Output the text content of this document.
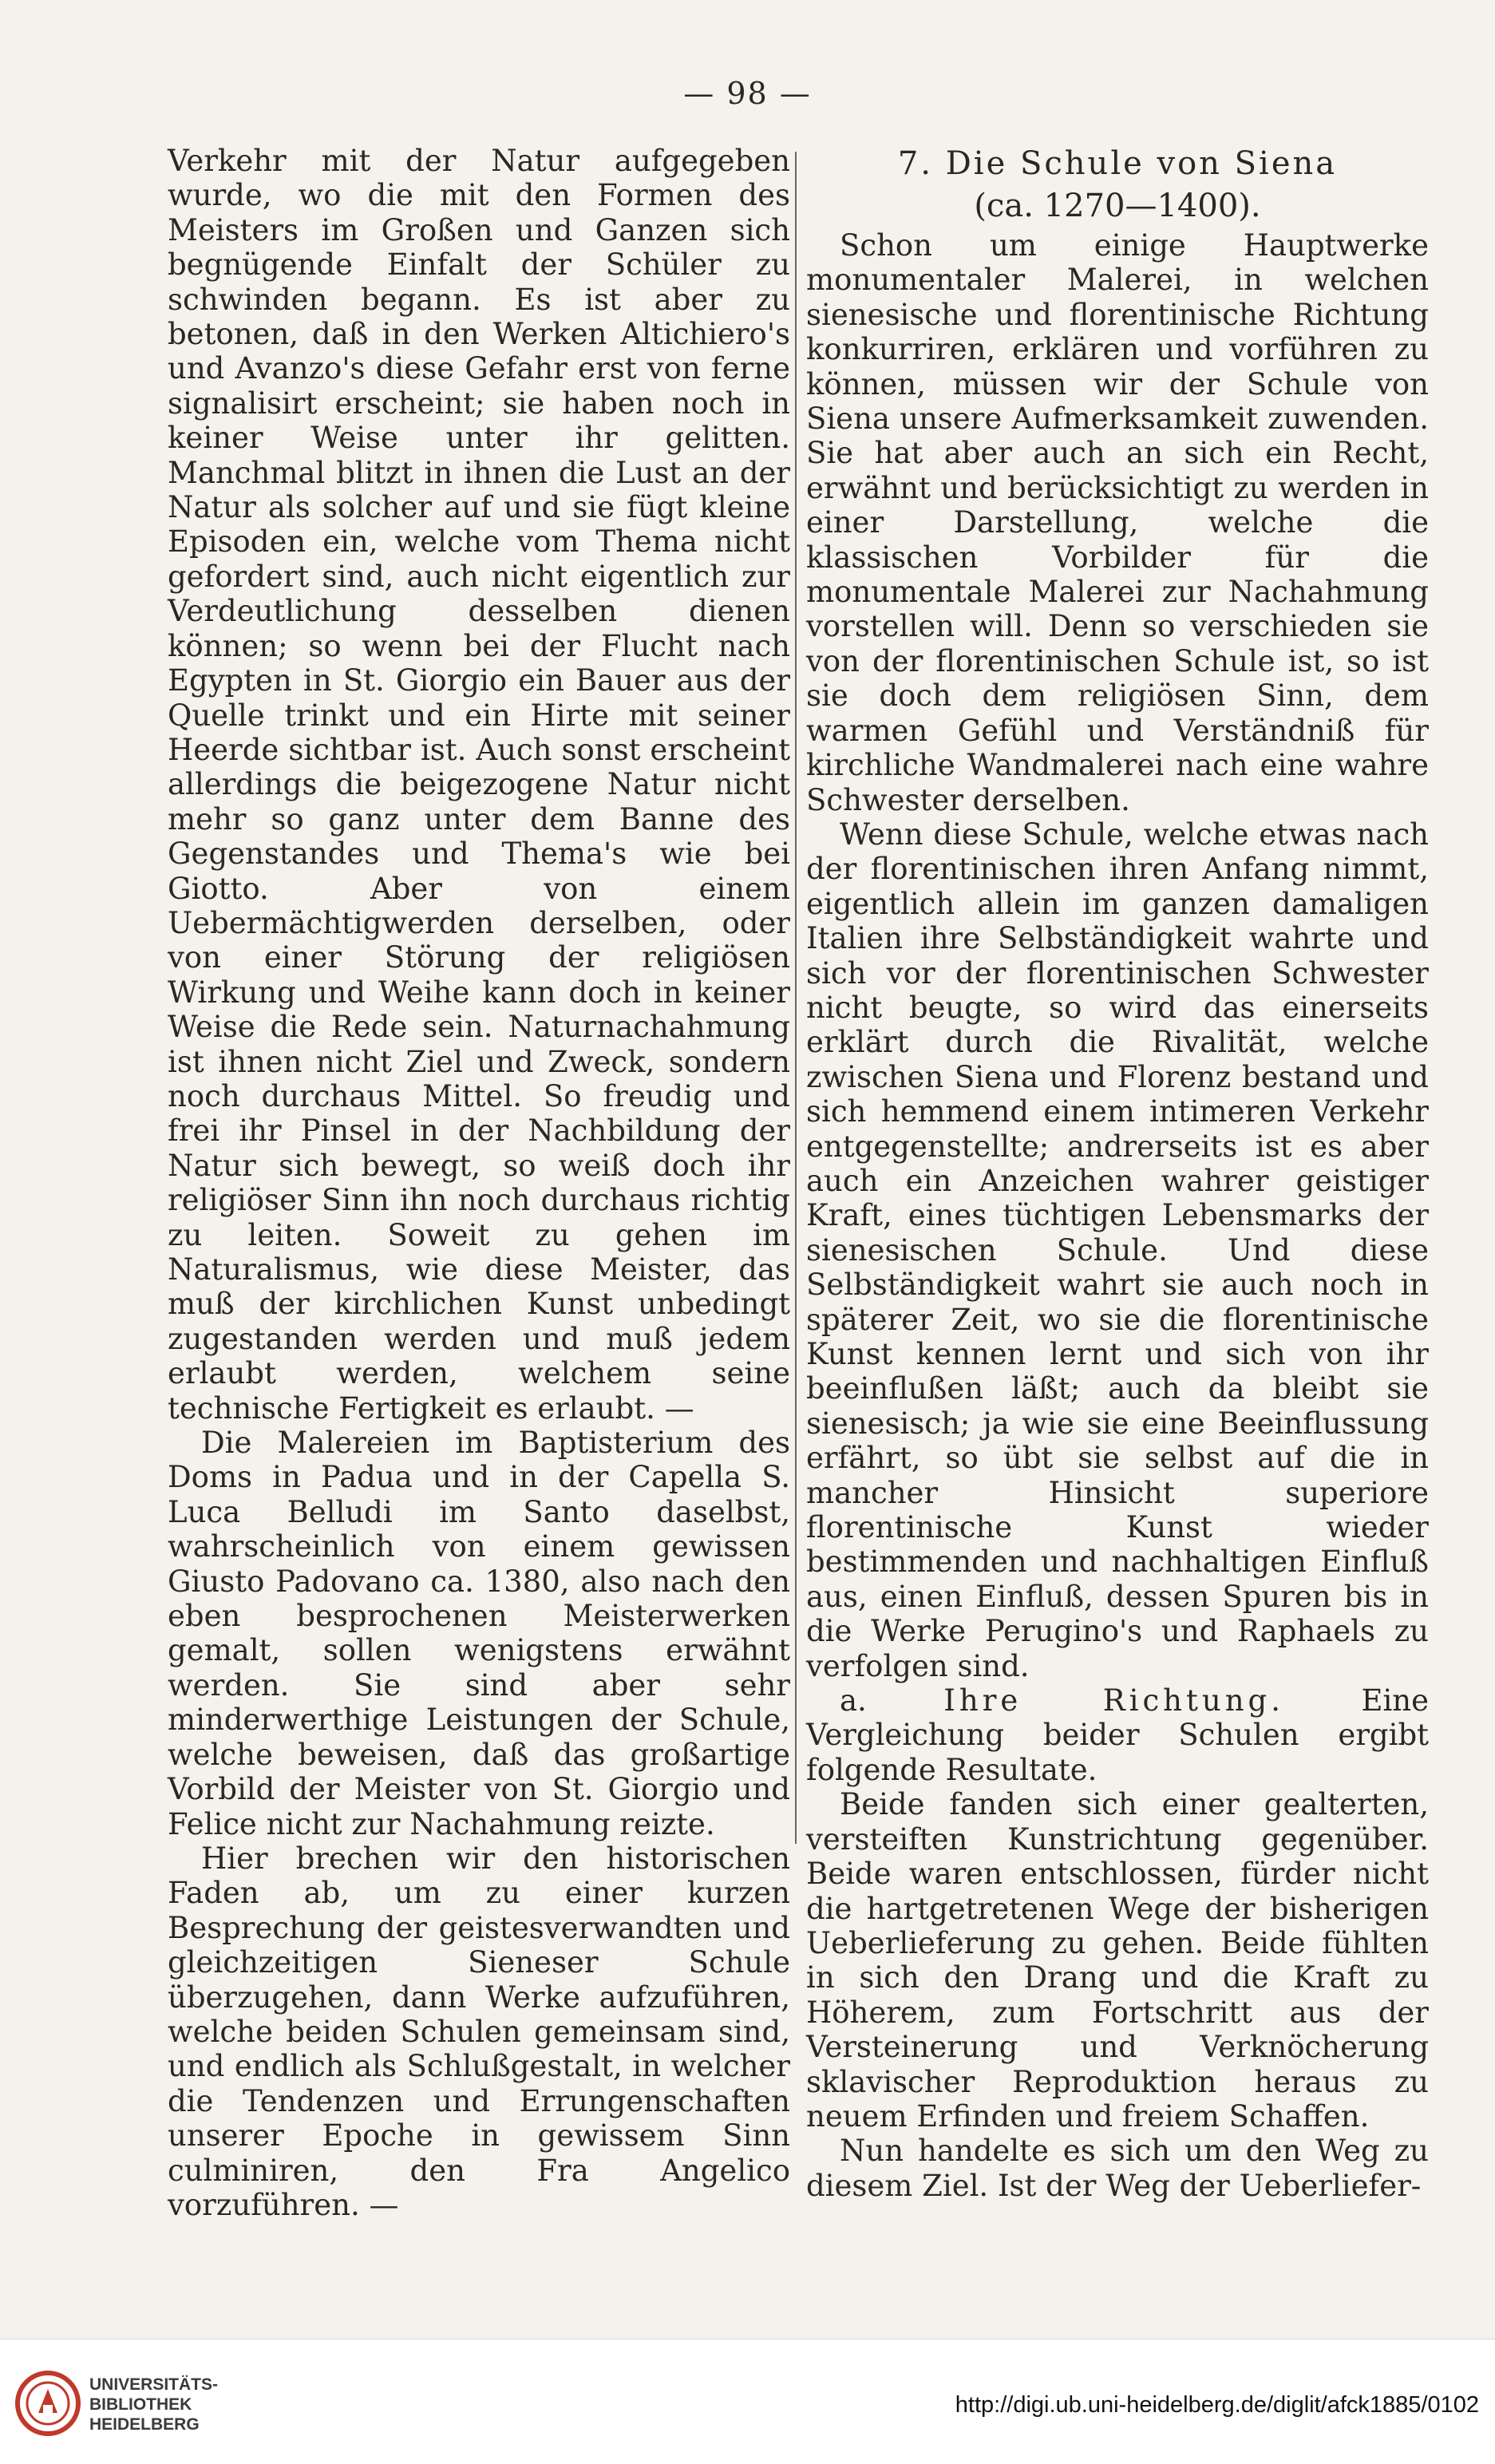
— 98 —

Verkehr mit der Natur aufgegeben wurde, wo die mit den Formen des Meisters im Großen und Ganzen sich begnügende Einfalt der Schüler zu schwinden begann. Es ist aber zu betonen, daß in den Werken Altichiero's und Avanzo's diese Gefahr erst von ferne signalisirt erscheint; sie haben noch in keiner Weise unter ihr gelitten. Manchmal blitzt in ihnen die Lust an der Natur als solcher auf und sie fügt kleine Episoden ein, welche vom Thema nicht gefordert sind, auch nicht eigentlich zur Verdeutlichung desselben dienen können; so wenn bei der Flucht nach Egypten in St. Giorgio ein Bauer aus der Quelle trinkt und ein Hirte mit seiner Heerde sichtbar ist. Auch sonst erscheint allerdings die beigezogene Natur nicht mehr so ganz unter dem Banne des Gegenstandes und Thema's wie bei Giotto. Aber von einem Uebermächtigwerden derselben, oder von einer Störung der religiösen Wirkung und Weihe kann doch in keiner Weise die Rede sein. Naturnachahmung ist ihnen nicht Ziel und Zweck, sondern noch durchaus Mittel. So freudig und frei ihr Pinsel in der Nachbildung der Natur sich bewegt, so weiß doch ihr religiöser Sinn ihn noch durchaus richtig zu leiten. Soweit zu gehen im Naturalismus, wie diese Meister, das muß der kirchlichen Kunst unbedingt zugestanden werden und muß jedem erlaubt werden, welchem seine technische Fertigkeit es erlaubt. —

Die Malereien im Baptisterium des Doms in Padua und in der Capella S. Luca Belludi im Santo daselbst, wahrscheinlich von einem gewissen Giusto Padovano ca. 1380, also nach den eben besprochenen Meisterwerken gemalt, sollen wenigstens erwähnt werden. Sie sind aber sehr minderwerthige Leistungen der Schule, welche beweisen, daß das großartige Vorbild der Meister von St. Giorgio und Felice nicht zur Nachahmung reizte.

Hier brechen wir den historischen Faden ab, um zu einer kurzen Besprechung der geistesverwandten und gleichzeitigen Sieneser Schule überzugehen, dann Werke aufzuführen, welche beiden Schulen gemeinsam sind, und endlich als Schlußgestalt, in welcher die Tendenzen und Errungenschaften unserer Epoche in gewissem Sinn culminiren, den Fra Angelico vorzuführen. —

7. Die Schule von Siena

(ca. 1270—1400).

Schon um einige Hauptwerke monumentaler Malerei, in welchen sienesische und florentinische Richtung konkurriren, erklären und vorführen zu können, müssen wir der Schule von Siena unsere Aufmerksamkeit zuwenden. Sie hat aber auch an sich ein Recht, erwähnt und berücksichtigt zu werden in einer Darstellung, welche die klassischen Vorbilder für die monumentale Malerei zur Nachahmung vorstellen will. Denn so verschieden sie von der florentinischen Schule ist, so ist sie doch dem religiösen Sinn, dem warmen Gefühl und Verständniß für kirchliche Wandmalerei nach eine wahre Schwester derselben.

Wenn diese Schule, welche etwas nach der florentinischen ihren Anfang nimmt, eigentlich allein im ganzen damaligen Italien ihre Selbständigkeit wahrte und sich vor der florentinischen Schwester nicht beugte, so wird das einerseits erklärt durch die Rivalität, welche zwischen Siena und Florenz bestand und sich hemmend einem intimeren Verkehr entgegenstellte; andrerseits ist es aber auch ein Anzeichen wahrer geistiger Kraft, eines tüchtigen Lebensmarks der sienesischen Schule. Und diese Selbständigkeit wahrt sie auch noch in späterer Zeit, wo sie die florentinische Kunst kennen lernt und sich von ihr beeinflußen läßt; auch da bleibt sie sienesisch; ja wie sie eine Beeinflussung erfährt, so übt sie selbst auf die in mancher Hinsicht superiore florentinische Kunst wieder bestimmenden und nachhaltigen Einfluß aus, einen Einfluß, dessen Spuren bis in die Werke Perugino's und Raphaels zu verfolgen sind.

a.	Ihre Richtung.	Eine Vergleichung beider Schulen ergibt folgende Resultate.

Beide fanden sich einer gealterten, versteiften Kunstrichtung gegenüber. Beide waren entschlossen, fürder nicht die hartgetretenen Wege der bisherigen Ueberlieferung zu gehen. Beide fühlten in sich den Drang und die Kraft zu Höherem, zum Fortschritt aus der Versteinerung und Verknöcherung sklavischer Reproduktion heraus zu neuem Erfinden und freiem Schaffen.

Nun handelte es sich um den Weg zu diesem Ziel. Ist der Weg der Ueberliefer-

UNIVERSITÄTS-
BIBLIOTHEK
HEIDELBERG
http://digi.ub.uni-heidelberg.de/diglit/afck1885/0102
